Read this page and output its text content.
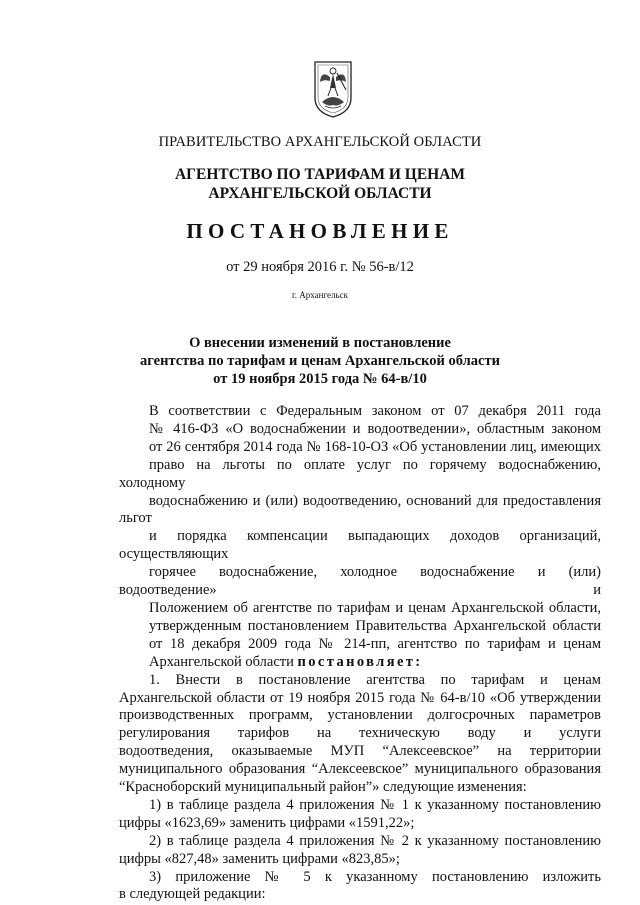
ПРАВИТЕЛЬСТВО АРХАНГЕЛЬСКОЙ ОБЛАСТИ
АГЕНТСТВО ПО ТАРИФАМ И ЦЕНАМ
АРХАНГЕЛЬСКОЙ ОБЛАСТИ
ПОСТАНОВЛЕНИЕ
от 29 ноября 2016 г. № 56-в/12
г. Архангельск
О внесении изменений в постановление
агентства по тарифам и ценам Архангельской области
от 19 ноября 2015 года № 64-в/10

В соответствии с Федеральным законом от 07 декабря 2011 года
№ 416-ФЗ «О водоснабжении и водоотведении», областным законом
от 26 сентября 2014 года № 168-10-ОЗ «Об установлении лиц, имеющих
право на льготы по оплате услуг по горячему водоснабжению, холодному
водоснабжению и (или) водоотведению, оснований для предоставления льгот
и порядка компенсации выпадающих доходов организаций, осуществляющих
горячее водоснабжение, холодное водоснабжение и (или) водоотведение» и
Положением об агентстве по тарифам и ценам Архангельской области,
утвержденным постановлением Правительства Архангельской области
от 18 декабря 2009 года № 214-пп, агентство по тарифам и ценам
Архангельской области постановляет:

1. Внести в постановление агентства по тарифам и ценам
Архангельской области от 19 ноября 2015 года № 64-в/10 «Об утверждении
производственных программ, установлении долгосрочных параметров
регулирования тарифов на техническую воду и услуги
водоотведения, оказываемые МУП “Алексеевское” на территории
муниципального образования “Алексеевское” муниципального образования
“Красноборский муниципальный район”» следующие изменения:

1) в таблице раздела 4 приложения № 1 к указанному постановлению
цифры «1623,69» заменить цифрами «1591,22»;

2) в таблице раздела 4 приложения № 2 к указанному постановлению
цифры «827,48» заменить цифрами «823,85»;

3) приложение № 5 к указанному постановлению изложить
в следующей редакции:
